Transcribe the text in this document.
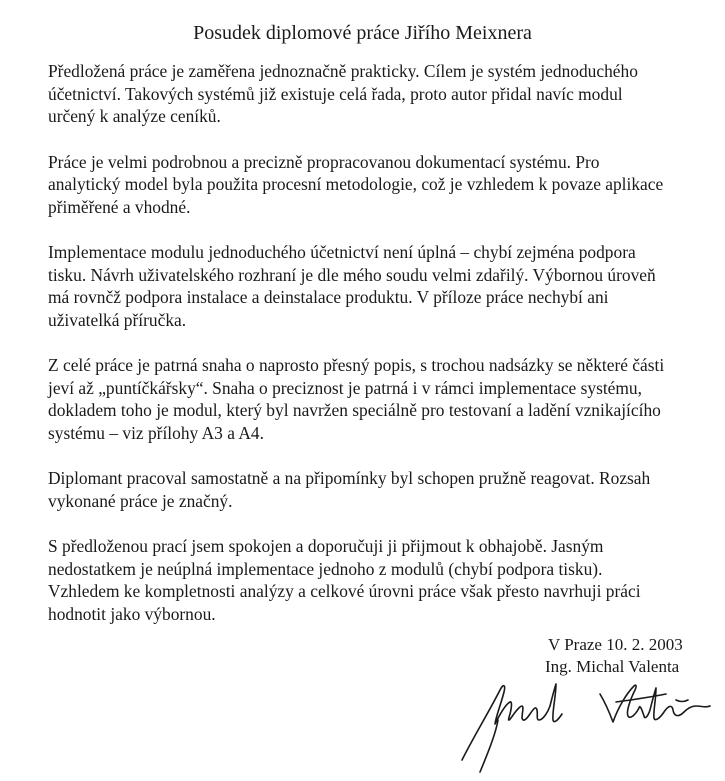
Posudek diplomové práce Jiřího Meixnera

Předložená práce je zaměřena jednoznačně prakticky. Cílem je systém jednoduchého
účetnictví. Takových systémů již existuje celá řada, proto autor přidal navíc modul
určený k analýze ceníků.

Práce je velmi podrobnou a precizně propracovanou dokumentací systému. Pro
analytický model byla použita procesní metodologie, což je vzhledem k povaze aplikace
přiměřené a vhodné.

Implementace modulu jednoduchého účetnictví není úplná – chybí zejména podpora
tisku. Návrh uživatelského rozhraní je dle mého soudu velmi zdařilý. Výbornou úroveň
má rovnčž podpora instalace a deinstalace produktu. V příloze práce nechybí ani
uživatelká příručka.

Z celé práce je patrná snaha o naprosto přesný popis, s trochou nadsázky se některé části
jeví až „puntíčkářsky“. Snaha o preciznost je patrná i v rámci implementace systému,
dokladem toho je modul, který byl navržen speciálně pro testovaní a ladění vznikajícího
systému – viz přílohy A3 a A4.

Diplomant pracoval samostatně a na připomínky byl schopen pružně reagovat. Rozsah
vykonané práce je značný.

S předloženou prací jsem spokojen a doporučuji ji přijmout k obhajobě. Jasným
nedostatkem je neúplná implementace jednoho z modulů (chybí podpora tisku).
Vzhledem ke kompletnosti analýzy a celkové úrovni práce však přesto navrhuji práci
hodnotit jako výbornou.

V Praze 10. 2. 2003
Ing. Michal Valenta
